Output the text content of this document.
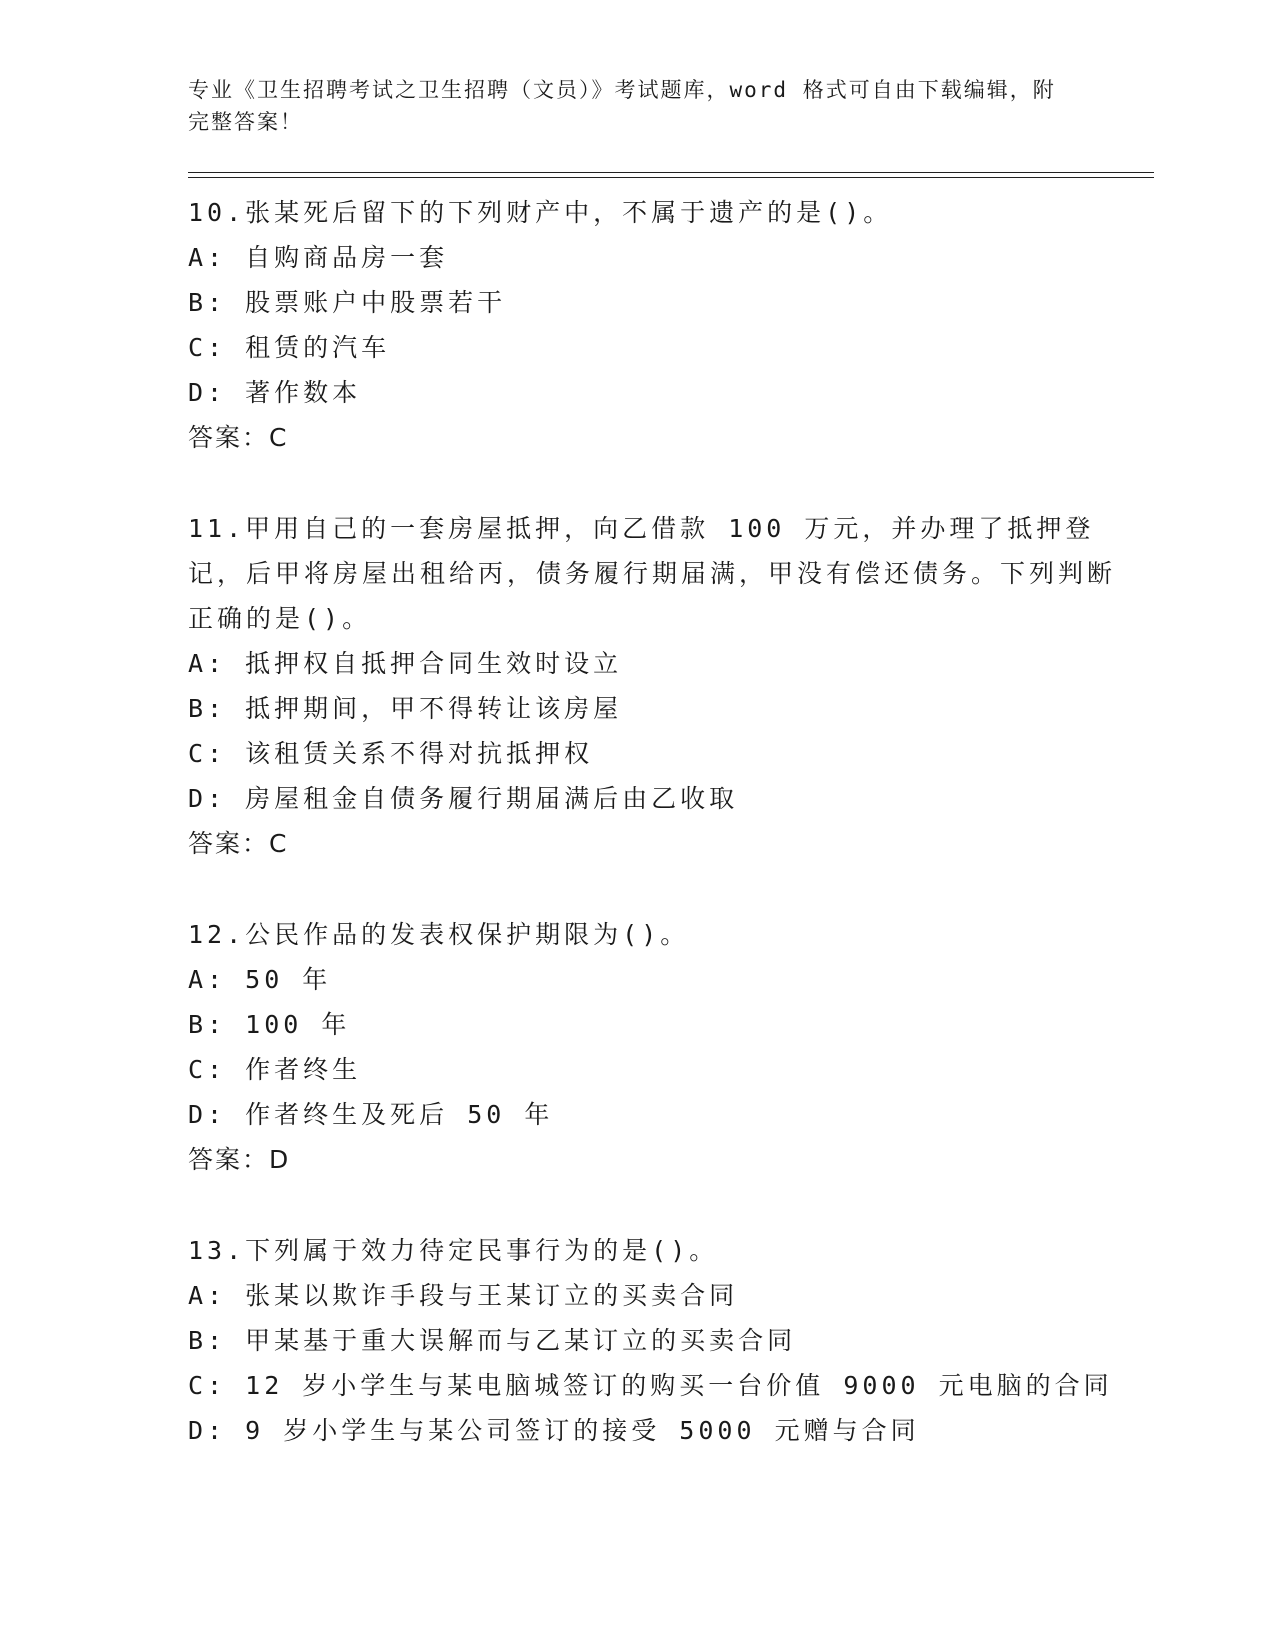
专业《卫生招聘考试之卫生招聘（文员）》考试题库，word 格式可自由下载编辑，附完整答案！
10.张某死后留下的下列财产中，不属于遗产的是()。
A: 自购商品房一套
B: 股票账户中股票若干
C: 租赁的汽车
D: 著作数本
答案：C
11.甲用自己的一套房屋抵押，向乙借款 100 万元，并办理了抵押登记，后甲将房屋出租给丙，债务履行期届满，甲没有偿还债务。下列判断正确的是()。
A: 抵押权自抵押合同生效时设立
B: 抵押期间，甲不得转让该房屋
C: 该租赁关系不得对抗抵押权
D: 房屋租金自债务履行期届满后由乙收取
答案：C
12.公民作品的发表权保护期限为()。
A: 50 年
B: 100 年
C: 作者终生
D: 作者终生及死后 50 年
答案：D
13.下列属于效力待定民事行为的是()。
A: 张某以欺诈手段与王某订立的买卖合同
B: 甲某基于重大误解而与乙某订立的买卖合同
C: 12 岁小学生与某电脑城签订的购买一台价值 9000 元电脑的合同
D: 9 岁小学生与某公司签订的接受 5000 元赠与合同
